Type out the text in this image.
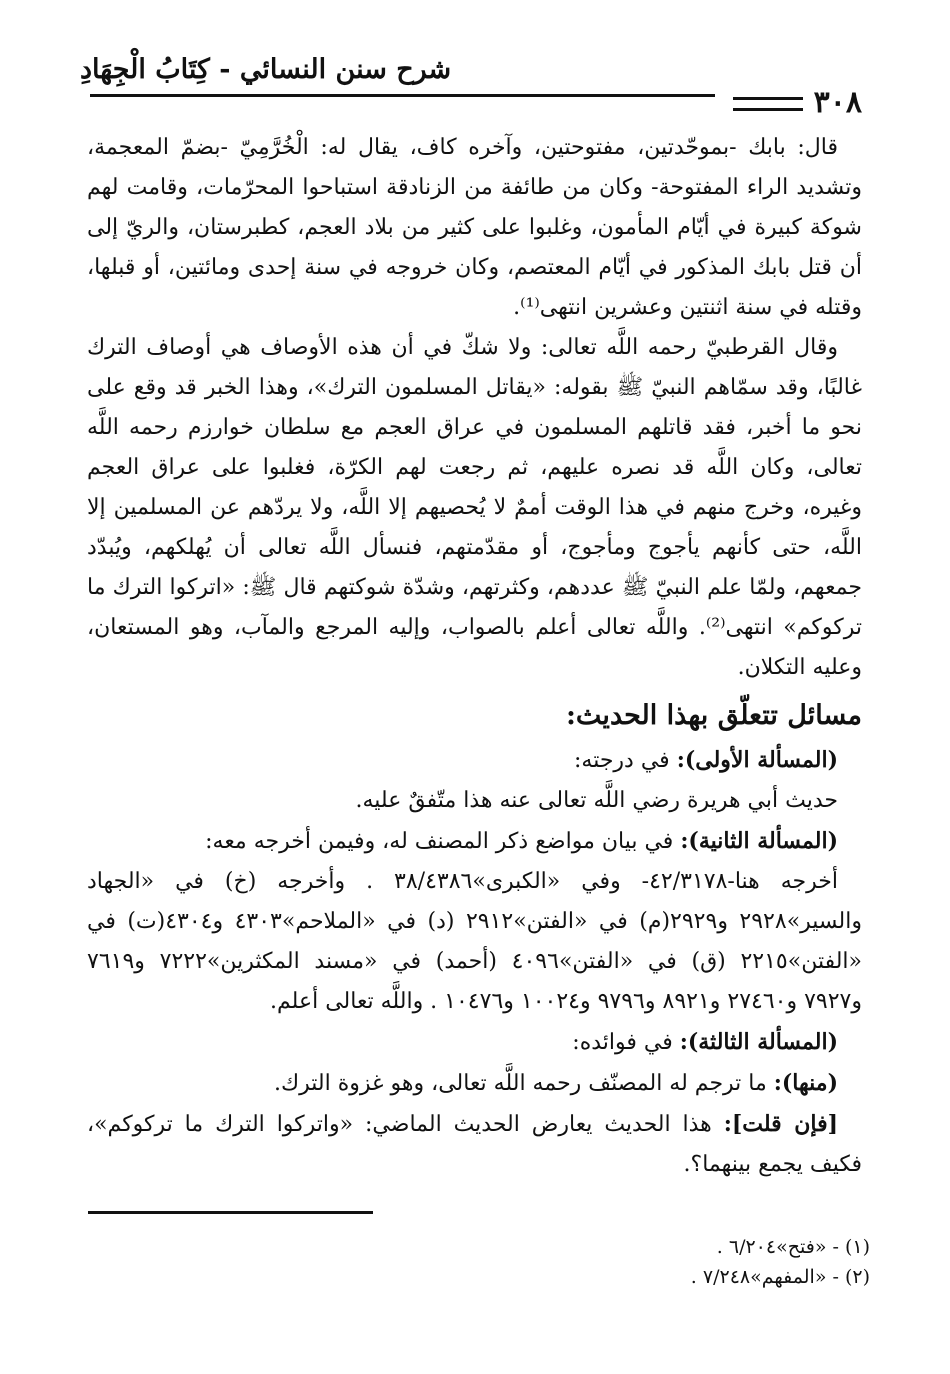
شرح سنن النسائي - كِتَابُ الْجِهَادِ
٣٠٨

قال: بابك -بموحّدتين، مفتوحتين، وآخره كاف، يقال له: الْخُرَّمِيّ -بضمّ المعجمة، وتشديد الراء المفتوحة- وكان من طائفة من الزنادقة استباحوا المحرّمات، وقامت لهم شوكة كبيرة في أيّام المأمون، وغلبوا على كثير من بلاد العجم، كطبرستان، والريّ إلى أن قتل بابك المذكور في أيّام المعتصم، وكان خروجه في سنة إحدى ومائتين، أو قبلها، وقتله في سنة اثنتين وعشرين انتهى⁽¹⁾.

وقال القرطبيّ رحمه اللَّه تعالى: ولا شكّ في أن هذه الأوصاف هي أوصاف الترك غالبًا، وقد سمّاهم النبيّ ﷺ بقوله: «يقاتل المسلمون الترك»، وهذا الخبر قد وقع على نحو ما أخبر، فقد قاتلهم المسلمون في عراق العجم مع سلطان خوارزم رحمه اللَّه تعالى، وكان اللَّه قد نصره عليهم، ثم رجعت لهم الكرّة، فغلبوا على عراق العجم وغيره، وخرج منهم في هذا الوقت أممٌ لا يُحصيهم إلا اللَّه، ولا يردّهم عن المسلمين إلا اللَّه، حتى كأنهم يأجوج ومأجوج، أو مقدّمتهم، فنسأل اللَّه تعالى أن يُهلكهم، ويُبدّد جمعهم، ولمّا علم النبيّ ﷺ عددهم، وكثرتهم، وشدّة شوكتهم قال ﷺ: «اتركوا الترك ما تركوكم» انتهى⁽²⁾. واللَّه تعالى أعلم بالصواب، وإليه المرجع والمآب، وهو المستعان، وعليه التكلان.

مسائل تتعلّق بهذا الحديث:

(المسألة الأولى): في درجته:

حديث أبي هريرة رضي اللَّه تعالى عنه هذا متّفقٌ عليه.

(المسألة الثانية): في بيان مواضع ذكر المصنف له، وفيمن أخرجه معه:

أخرجه هنا-٤٢/٣١٧٨- وفي «الكبرى»٣٨/٤٣٨٦ . وأخرجه (خ) في «الجهاد والسير»٢٩٢٨ و٢٩٢٩(م) في «الفتن»٢٩١٢ (د) في «الملاحم»٤٣٠٣ و٤٣٠٤(ت) في «الفتن»٢٢١٥ (ق) في «الفتن»٤٠٩٦ (أحمد) في «مسند المكثرين»٧٢٢٢ و٧٦١٩ و٧٩٢٧ و٢٧٤٦٠ و٨٩٢١ و٩٧٩٦ و١٠٠٢٤ و١٠٤٧٦ . واللَّه تعالى أعلم.

(المسألة الثالثة): في فوائده:

(منها): ما ترجم له المصنّف رحمه اللَّه تعالى، وهو غزوة الترك.

[فإن قلت]: هذا الحديث يعارض الحديث الماضي: «واتركوا الترك ما تركوكم»، فكيف يجمع بينهما؟.

(١) - «فتح»٦/٢٠٤ .
(٢) - «المفهم»٧/٢٤٨ .
